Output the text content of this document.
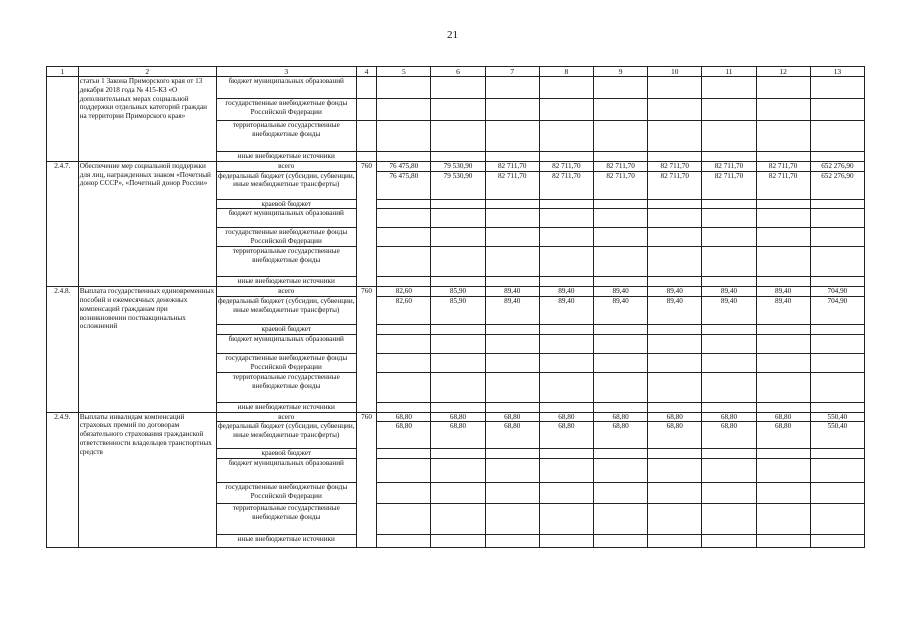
21
1	2	3	4	5	6	7	8	9	10	11	12	13
	статьи 1 Закона Приморского края от 13 декабря 2018 года № 415-КЗ «О дополнительных мерах социальной поддержки отдельных категорий граждан на территории Приморского края»	бюджет муниципальных образований										
		государственные внебюджетные фонды Российской Федерации										
		территориальные государственные внебюджетные фонды										
		иные внебюджетные источники										
2.4.7.	Обеспечение мер социальной поддержки для лиц, награжденных знаком «Почетный донор СССР», «Почетный донор России»	всего	760	76 475,80	79 530,90	82 711,70	82 711,70	82 711,70	82 711,70	82 711,70	82 711,70	652 276,90
		федеральный бюджет (субсидии, субвенции, иные межбюджетные трансферты)		76 475,80	79 530,90	82 711,70	82 711,70	82 711,70	82 711,70	82 711,70	82 711,70	652 276,90
		краевой бюджет										
		бюджет муниципальных образований										
		государственные внебюджетные фонды Российской Федерации										
		территориальные государственные внебюджетные фонды										
		иные внебюджетные источники										
2.4.8.	Выплата государственных единовременных пособий и ежемесячных денежных компенсаций гражданам при возникновении поствакцинальных осложнений	всего	760	82,60	85,90	89,40	89,40	89,40	89,40	89,40	89,40	704,90
		федеральный бюджет (субсидии, субвенции, иные межбюджетные трансферты)		82,60	85,90	89,40	89,40	89,40	89,40	89,40	89,40	704,90
		краевой бюджет										
		бюджет муниципальных образований										
		государственные внебюджетные фонды Российской Федерации										
		территориальные государственные внебюджетные фонды										
		иные внебюджетные источники										
2.4.9.	Выплаты инвалидам компенсаций страховых премий по договорам обязательного страхования гражданской ответственности владельцев транспортных средств	всего	760	68,80	68,80	68,80	68,80	68,80	68,80	68,80	68,80	550,40
		федеральный бюджет (субсидии, субвенции, иные межбюджетные трансферты)		68,80	68,80	68,80	68,80	68,80	68,80	68,80	68,80	550,40
		краевой бюджет										
		бюджет муниципальных образований										
		государственные внебюджетные фонды Российской Федерации										
		территориальные государственные внебюджетные фонды										
		иные внебюджетные источники										
